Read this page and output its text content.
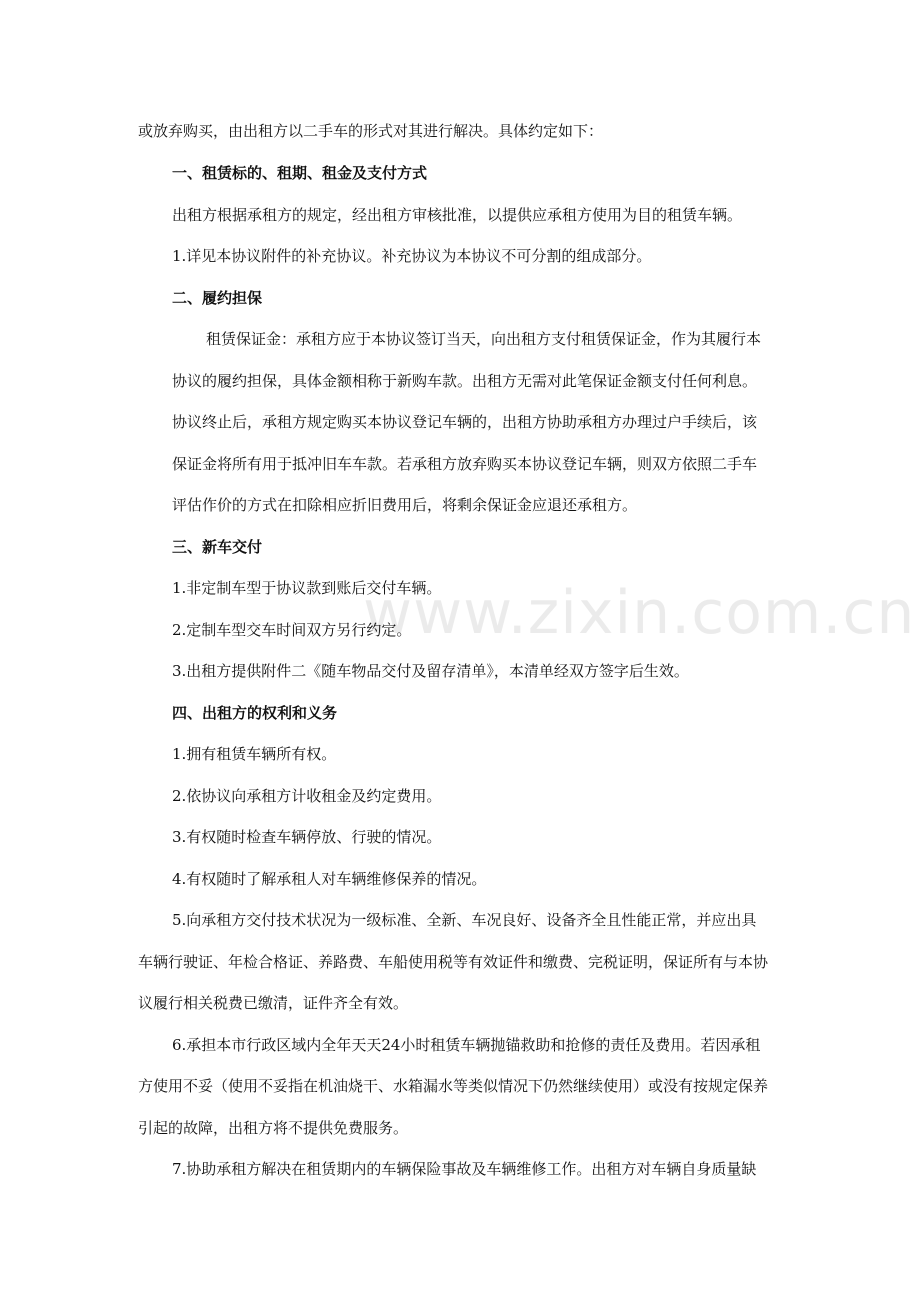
www.zixin.com.cn

或放弃购买，由出租方以二手车的形式对其进行解决。具体约定如下：

一、租赁标的、租期、租金及支付方式

出租方根据承租方的规定，经出租方审核批准，以提供应承租方使用为目的租赁车辆。

1.详见本协议附件的补充协议。补充协议为本协议不可分割的组成部分。

二、履约担保

租赁保证金：承租方应于本协议签订当天，向出租方支付租赁保证金，作为其履行本

协议的履约担保，具体金额相称于新购车款。出租方无需对此笔保证金额支付任何利息。

协议终止后，承租方规定购买本协议登记车辆的，出租方协助承租方办理过户手续后，该

保证金将所有用于抵冲旧车车款。若承租方放弃购买本协议登记车辆，则双方依照二手车

评估作价的方式在扣除相应折旧费用后，将剩余保证金应退还承租方。

三、新车交付

1.非定制车型于协议款到账后交付车辆。

2.定制车型交车时间双方另行约定。

3.出租方提供附件二《随车物品交付及留存清单》，本清单经双方签字后生效。

四、出租方的权利和义务

1.拥有租赁车辆所有权。

2.依协议向承租方计收租金及约定费用。

3.有权随时检查车辆停放、行驶的情况。

4.有权随时了解承租人对车辆维修保养的情况。

5.向承租方交付技术状况为一级标准、全新、车况良好、设备齐全且性能正常，并应出具

车辆行驶证、年检合格证、养路费、车船使用税等有效证件和缴费、完税证明，保证所有与本协

议履行相关税费已缴清，证件齐全有效。

6.承担本市行政区域内全年天天24小时租赁车辆抛锚救助和抢修的责任及费用。若因承租

方使用不妥（使用不妥指在机油烧干、水箱漏水等类似情况下仍然继续使用）或没有按规定保养

引起的故障，出租方将不提供免费服务。

7.协助承租方解决在租赁期内的车辆保险事故及车辆维修工作。出租方对车辆自身质量缺
